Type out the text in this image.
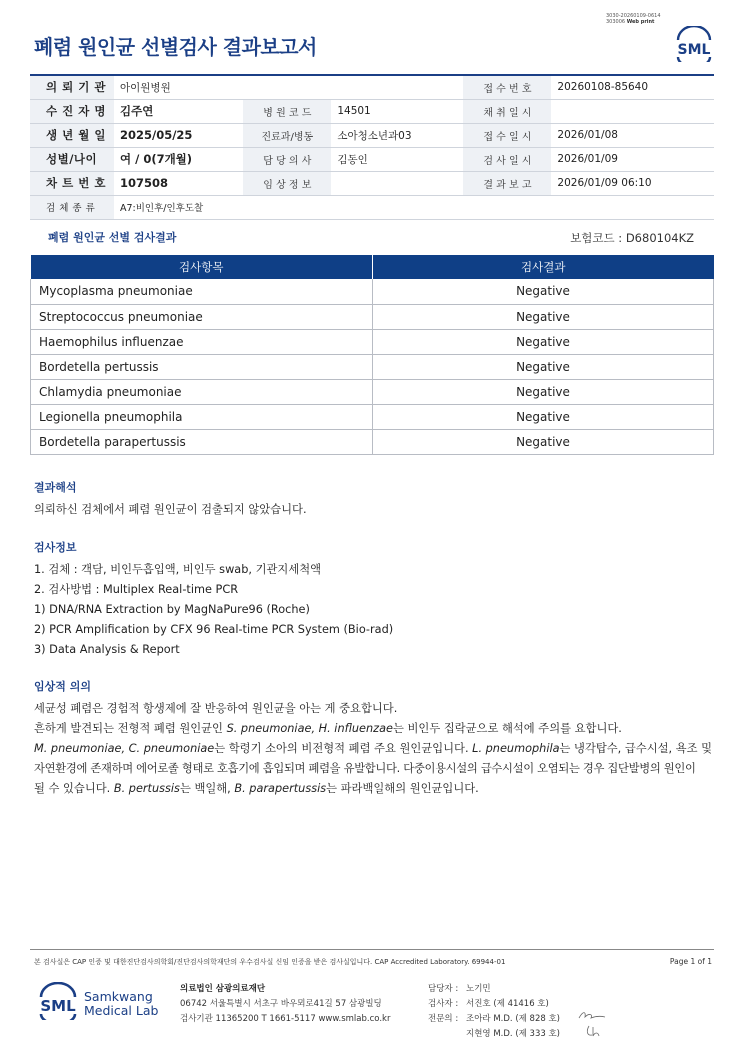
3030-20260109-0614
303006 Web print
폐렴 원인균 선별검사 결과보고서	SML
의 뢰 기 관	아이원병원			접 수 번 호	20260108-85640
수 진 자 명	김주연	병 원 코 드	14501	채 취 일 시	
생 년 월 일	2025/05/25	진료과/병동	소아청소년과03	접 수 일 시	2026/01/08
성별/나이	여 / 0(7개월)	담 당 의 사	김동인	검 사 일 시	2026/01/09
차 트 번 호	107508	임 상 정 보		결 과 보 고	2026/01/09 06:10
검 체 종 류	A7:비인후/인후도찰				
폐렴 원인균 선별 검사결과	보험코드 : D680104KZ
검사항목	검사결과
Mycoplasma pneumoniae	Negative
Streptococcus pneumoniae	Negative
Haemophilus influenzae	Negative
Bordetella pertussis	Negative
Chlamydia pneumoniae	Negative
Legionella pneumophila	Negative
Bordetella parapertussis	Negative
결과해석

의뢰하신 검체에서 폐렴 원인균이 검출되지 않았습니다.

검사정보

1. 검체 : 객담, 비인두흡입액, 비인두 swab, 기관지세척액

2. 검사방법 : Multiplex Real-time PCR

1) DNA/RNA Extraction by MagNaPure96 (Roche)

2) PCR Amplification by CFX 96 Real-time PCR System (Bio-rad)

3) Data Analysis & Report

임상적 의의

세균성 폐렴은 경험적 항생제에 잘 반응하여 원인균을 아는 게 중요합니다.

흔하게 발견되는 전형적 폐렴 원인균인 S. pneumoniae, H. influenzae는 비인두 집락균으로 해석에 주의를 요합니다.

M. pneumoniae, C. pneumoniae는 학령기 소아의 비전형적 폐렴 주요 원인균입니다. L. pneumophila는 냉각탑수, 급수시설, 욕조 및

자연환경에 존재하며 에어로졸 형태로 호흡기에 흡입되며 폐렴을 유발합니다. 다중이용시설의 급수시설이 오염되는 경우 집단발병의 원인이

될 수 있습니다. B. pertussis는 백일해, B. parapertussis는 파라백일해의 원인균입니다.

본 검사실은 CAP 인증 및 대한진단검사의학회/진단검사의학재단의 우수검사실 신임 인증을 받은 검사실입니다. CAP Accredited Laboratory. 69944-01	Page 1 of 1
SML
Samkwang
Medical Lab
의료법인 삼광의료재단
06742 서울특별시 서초구 바우뫼로41길 57 삼광빌딩
검사기관 11365200 T 1661-5117 www.smlab.co.kr
담당자 : 노기민
검사자 : 서진호 (제 41416 호)
전문의 : 조아라 M.D. (제 828 호)
지현영 M.D. (제 333 호)
